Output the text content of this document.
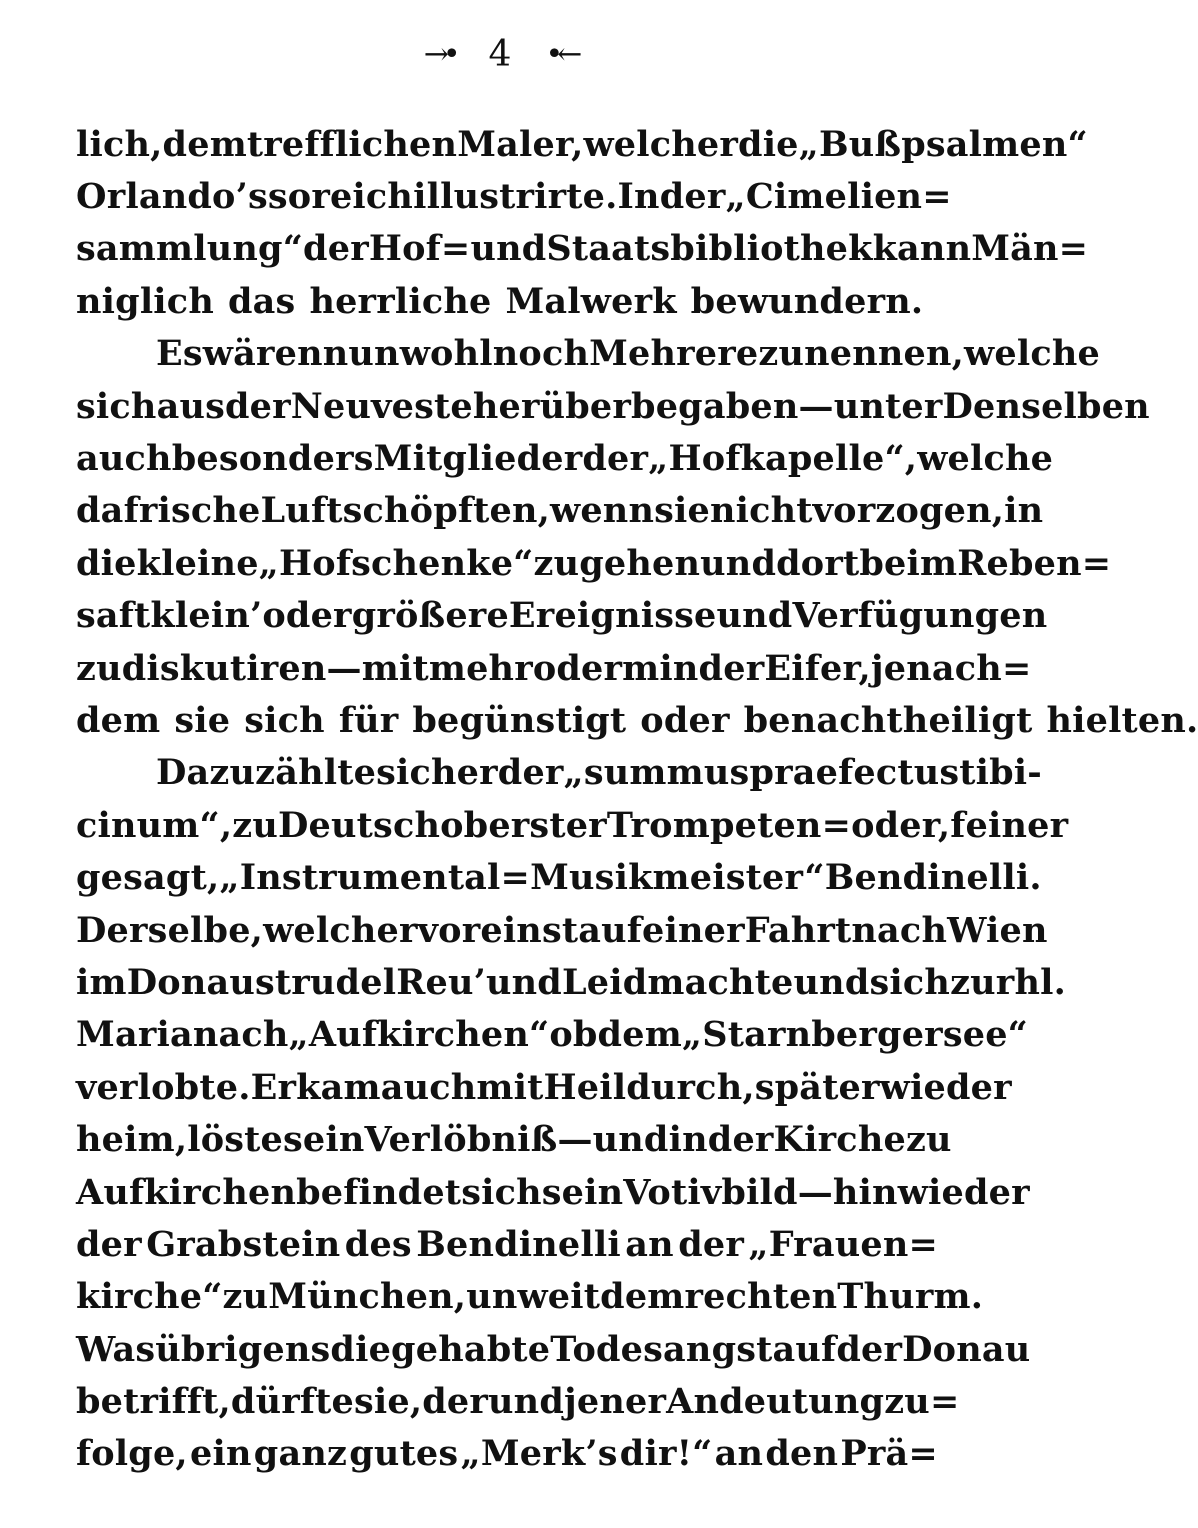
→• 4 •←
lich, dem trefflichen Maler, welcher die „Bußpsalmen“
Orlando’s so reich illustrirte. In der „Cimelien=
sammlung“ der Hof= und Staatsbibliothek kann Män=
niglich das herrliche Malwerk bewundern.
Es wären nun wohl noch Mehrere zu nennen, welche
sich aus der Neuveste herüberbegaben — unter Denselben
auch besonders Mitglieder der „Hofkapelle“, welche
da frische Luft schöpften, wenn sie nicht vorzogen, in
die kleine „Hofschenke“ zu gehen und dort beim Reben=
saft klein’ oder größere Ereignisse und Verfügungen
zu diskutiren — mit mehr oder minder Eifer, je nach=
dem sie sich für begünstigt oder benachtheiligt hielten.
Dazu zählte sicher der „summus praefectus tibi-
cinum“, zu Deutsch oberster Trompeten= oder, feiner
gesagt, „Instrumental=Musikmeister“ Bendinelli.
Derselbe, welcher voreinst auf einer Fahrt nach Wien
im Donaustrudel Reu’ und Leid machte und sich zur hl.
Maria nach „Aufkirchen“ ob dem „Starnbergersee“
verlobte. Er kam auch mit Heil durch, später wieder
heim, löste sein Verlöbniß — und in der Kirche zu
Aufkirchen befindet sich sein Votivbild — hinwieder
der Grabstein des Bendinelli an der „Frauen=
kirche“ zu München, unweit dem rechten Thurm.
Was übrigens die gehabte Todesangst auf der Donau
betrifft, dürfte sie, der und jener Andeutung zu=
folge, ein ganz gutes „Merk’s dir!“ an den Prä=
